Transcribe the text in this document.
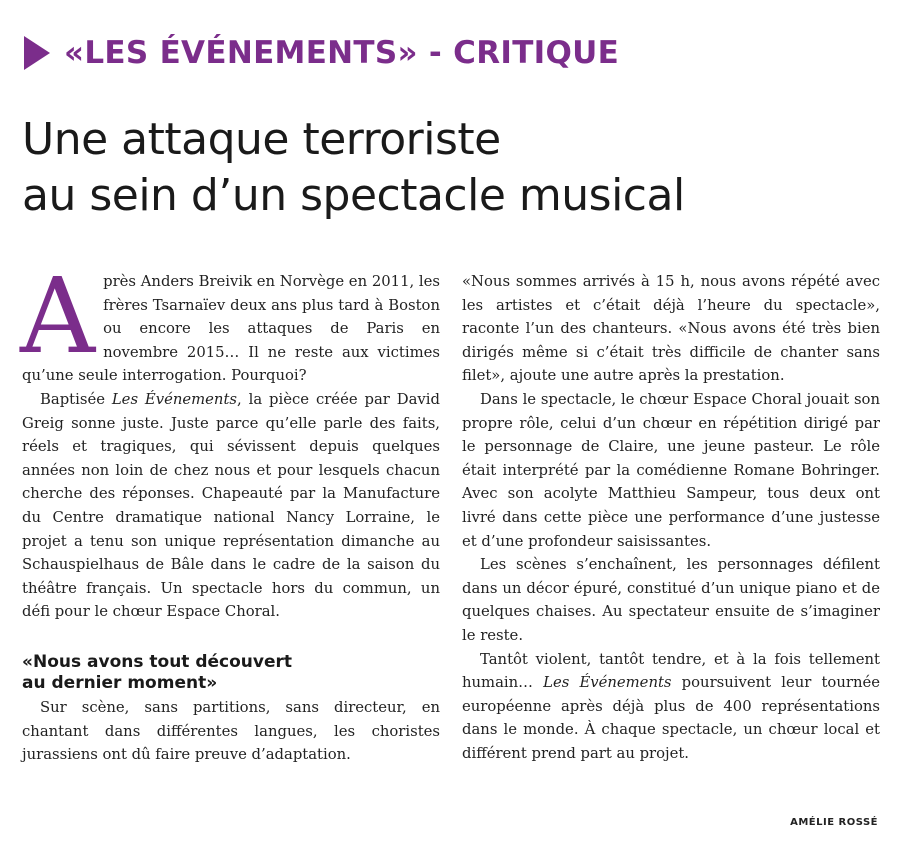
«LES ÉVÉNEMENTS» - CRITIQUE
Une attaque terroriste
au sein d’un spectacle musical

Après Anders Breivik en Norvège en 2011, les frères Tsarnaïev deux ans plus tard à Boston ou encore les attaques de Paris en novembre 2015… Il ne reste aux victimes qu’une seule interrogation. Pourquoi?

Baptisée Les Événements, la pièce créée par David Greig sonne juste. Juste parce qu’elle parle des faits, réels et tragiques, qui sévissent depuis quelques années non loin de chez nous et pour lesquels chacun cherche des réponses. Chapeauté par la Manufacture du Centre dramatique national Nancy Lorraine, le projet a tenu son unique représentation dimanche au Schauspielhaus de Bâle dans le cadre de la saison du théâtre français. Un spectacle hors du commun, un défi pour le chœur Espace Choral.

«Nous avons tout découvert
au dernier moment»

Sur scène, sans partitions, sans directeur, en chantant dans différentes langues, les choristes jurassiens ont dû faire preuve d’adaptation.

«Nous sommes arrivés à 15 h, nous avons répété avec les artistes et c’était déjà l’heure du spectacle», raconte l’un des chanteurs. «Nous avons été très bien dirigés même si c’était très difficile de chanter sans filet», ajoute une autre après la prestation.

Dans le spectacle, le chœur Espace Choral jouait son propre rôle, celui d’un chœur en répétition dirigé par le personnage de Claire, une jeune pasteur. Le rôle était interprété par la comédienne Romane Bohringer. Avec son acolyte Matthieu Sampeur, tous deux ont livré dans cette pièce une performance d’une justesse et d’une profondeur saisissantes.

Les scènes s’enchaînent, les personnages défilent dans un décor épuré, constitué d’un unique piano et de quelques chaises. Au spectateur ensuite de s’imaginer le reste.

Tantôt violent, tantôt tendre, et à la fois tellement humain… Les Événements poursuivent leur tournée européenne après déjà plus de 400 représentations dans le monde. À chaque spectacle, un chœur local et différent prend part au projet.

AMÉLIE ROSSÉ
